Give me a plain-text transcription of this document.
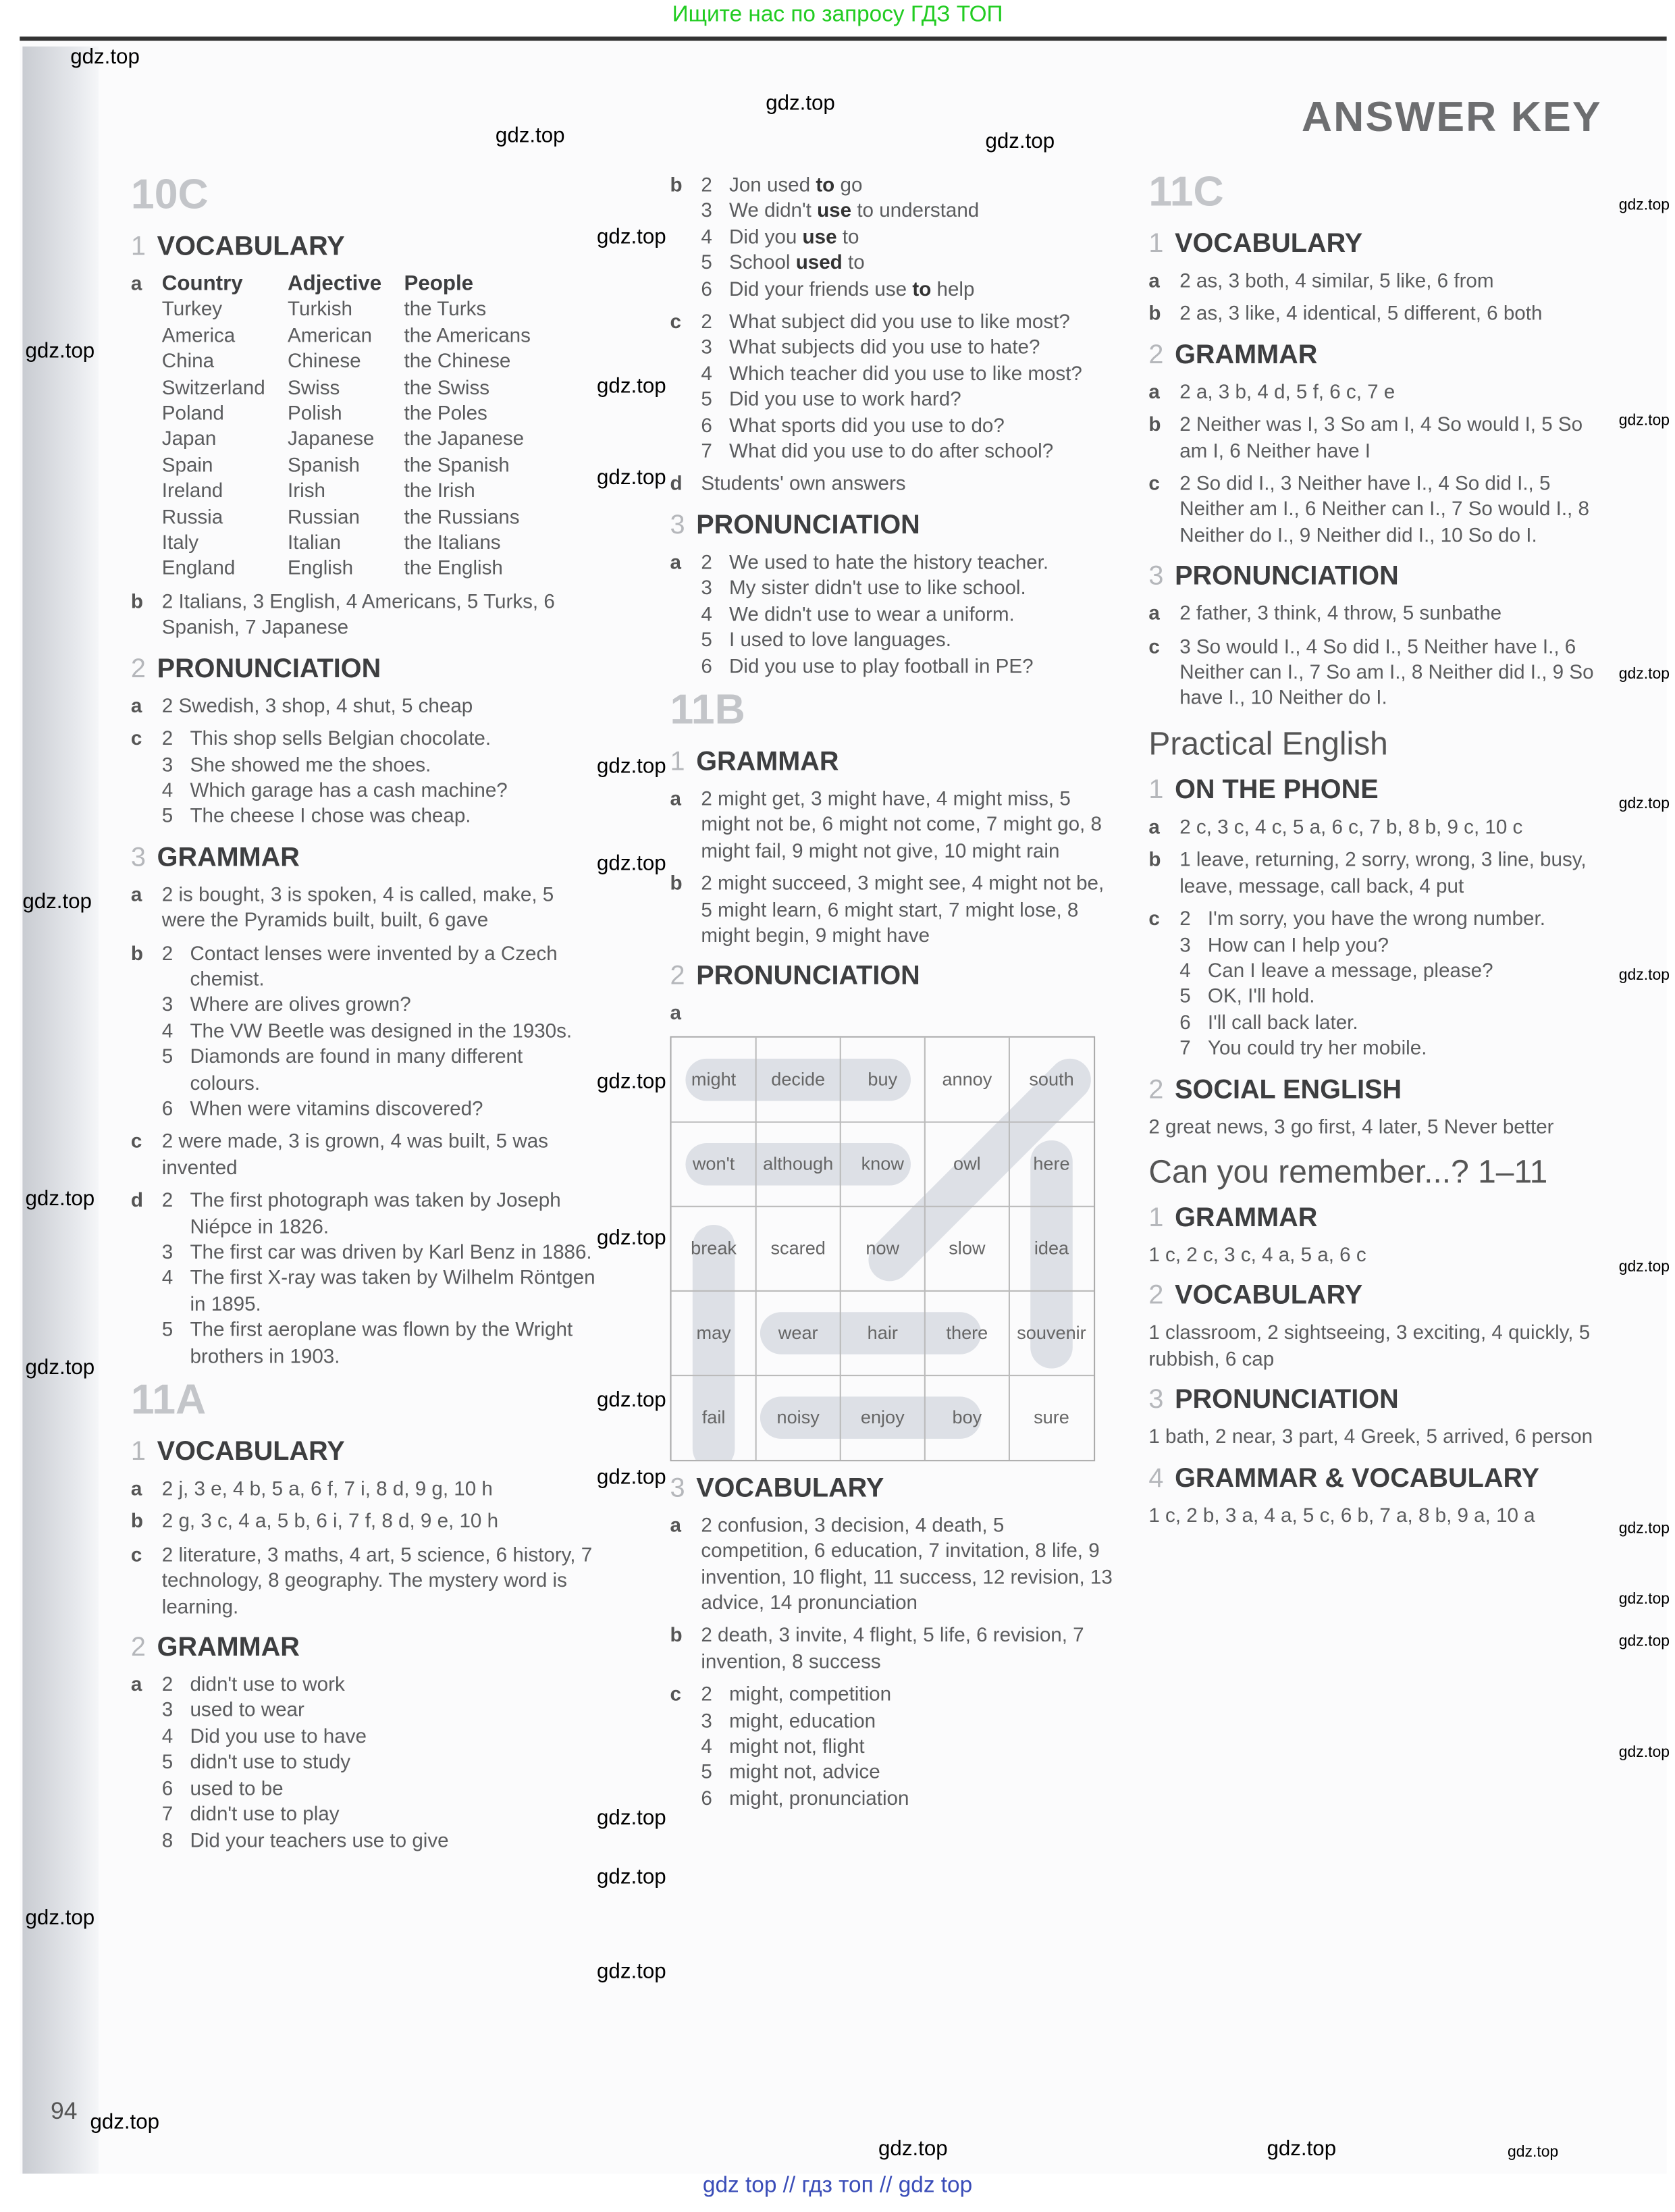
Ищите нас по запросу ГДЗ ТОП
ANSWER KEY
10C
1 VOCABULARY
a	Country	Adjective	People
Turkey	Turkish	the Turks
America	American	the Americans
China	Chinese	the Chinese
Switzerland	Swiss	the Swiss
Poland	Polish	the Poles
Japan	Japanese	the Japanese
Spain	Spanish	the Spanish
Ireland	Irish	the Irish
Russia	Russian	the Russians
Italy	Italian	the Italians
England	English	the English
b	2 Italians, 3 English, 4 Americans, 5 Turks, 6 Spanish, 7 Japanese
2 PRONUNCIATION
a	2 Swedish, 3 shop, 4 shut, 5 cheap
c	2	This shop sells Belgian chocolate.
3	She showed me the shoes.
4	Which garage has a cash machine?
5	The cheese I chose was cheap.
3 GRAMMAR
a	2 is bought, 3 is spoken, 4 is called, make, 5 were the Pyramids built, built, 6 gave
b	2	Contact lenses were invented by a Czech chemist.
3	Where are olives grown?
4	The VW Beetle was designed in the 1930s.
5	Diamonds are found in many different colours.
6	When were vitamins discovered?
c	2 were made, 3 is grown, 4 was built, 5 was invented
d	2	The first photograph was taken by Joseph Niépce in 1826.
3	The first car was driven by Karl Benz in 1886.
4	The first X-ray was taken by Wilhelm Röntgen in 1895.
5	The first aeroplane was flown by the Wright brothers in 1903.
11A
1 VOCABULARY
a	2 j, 3 e, 4 b, 5 a, 6 f, 7 i, 8 d, 9 g, 10 h
b	2 g, 3 c, 4 a, 5 b, 6 i, 7 f, 8 d, 9 e, 10 h
c	2 literature, 3 maths, 4 art, 5 science, 6 history, 7 technology, 8 geography. The mystery word is learning.
2 GRAMMAR
a	2	didn't use to work
3	used to wear
4	Did you use to have
5	didn't use to study
6	used to be
7	didn't use to play
8	Did your teachers use to give
b	2	Jon used to go
3	We didn't use to understand
4	Did you use to
5	School used to
6	Did your friends use to help
c	2	What subject did you use to like most?
3	What subjects did you use to hate?
4	Which teacher did you use to like most?
5	Did you use to work hard?
6	What sports did you use to do?
7	What did you use to do after school?
d	Students' own answers
3 PRONUNCIATION
a	2	We used to hate the history teacher.
3	My sister didn't use to like school.
4	We didn't use to wear a uniform.
5	I used to love languages.
6	Did you use to play football in PE?
11B
1 GRAMMAR
a	2 might get, 3 might have, 4 might miss, 5 might not be, 6 might not come, 7 might go, 8 might fail, 9 might not give, 10 might rain
b	2 might succeed, 3 might see, 4 might not be, 5 might learn, 6 might start, 7 might lose, 8 might begin, 9 might have
2 PRONUNCIATION
a
might	decide	buy	annoy	south
won't	although	know	owl	here
break	scared	now	slow	idea
may	wear	hair	there	souvenir
fail	noisy	enjoy	boy	sure
3 VOCABULARY
a	2 confusion, 3 decision, 4 death, 5 competition, 6 education, 7 invitation, 8 life, 9 invention, 10 flight, 11 success, 12 revision, 13 advice, 14 pronunciation
b	2 death, 3 invite, 4 flight, 5 life, 6 revision, 7 invention, 8 success
c	2	might, competition
3	might, education
4	might not, flight
5	might not, advice
6	might, pronunciation
11C
1 VOCABULARY
a	2 as, 3 both, 4 similar, 5 like, 6 from
b	2 as, 3 like, 4 identical, 5 different, 6 both
2 GRAMMAR
a	2 a, 3 b, 4 d, 5 f, 6 c, 7 e
b	2 Neither was I, 3 So am I, 4 So would I, 5 So am I, 6 Neither have I
c	2 So did I., 3 Neither have I., 4 So did I., 5 Neither am I., 6 Neither can I., 7 So would I., 8 Neither do I., 9 Neither did I., 10 So do I.
3 PRONUNCIATION
a	2 father, 3 think, 4 throw, 5 sunbathe
c	3 So would I., 4 So did I., 5 Neither have I., 6 Neither can I., 7 So am I., 8 Neither did I., 9 So have I., 10 Neither do I.
Practical English
1 ON THE PHONE
a	2 c, 3 c, 4 c, 5 a, 6 c, 7 b, 8 b, 9 c, 10 c
b	1 leave, returning, 2 sorry, wrong, 3 line, busy, leave, message, call back, 4 put
c	2	I'm sorry, you have the wrong number.
3	How can I help you?
4	Can I leave a message, please?
5	OK, I'll hold.
6	I'll call back later.
7	You could try her mobile.
2 SOCIAL ENGLISH
2 great news, 3 go first, 4 later, 5 Never better
Can you remember...? 1–11
1 GRAMMAR
1 c, 2 c, 3 c, 4 a, 5 a, 6 c
2 VOCABULARY
1 classroom, 2 sightseeing, 3 exciting, 4 quickly, 5 rubbish, 6 cap
3 PRONUNCIATION
1 bath, 2 near, 3 part, 4 Greek, 5 arrived, 6 person
4 GRAMMAR & VOCABULARY
1 c, 2 b, 3 a, 4 a, 5 c, 6 b, 7 a, 8 b, 9 a, 10 a
94
gdz top // гдз топ // gdz top
gdz.top
gdz.top
gdz.top	gdz.top
gdz.top
gdz.top
gdz.top
gdz.top
gdz.top
gdz.top
gdz.top
gdz.top
gdz.top
gdz.top
gdz.top
gdz.top
gdz.top
gdz.top
gdz.top
gdz.top
gdz.top
gdz.top
gdz.top
gdz.top
gdz.top
gdz.top
gdz.top
gdz.top
gdz.top
gdz.top
gdz.top
gdz.top	gdz.top
gdz.top
gdz.top
